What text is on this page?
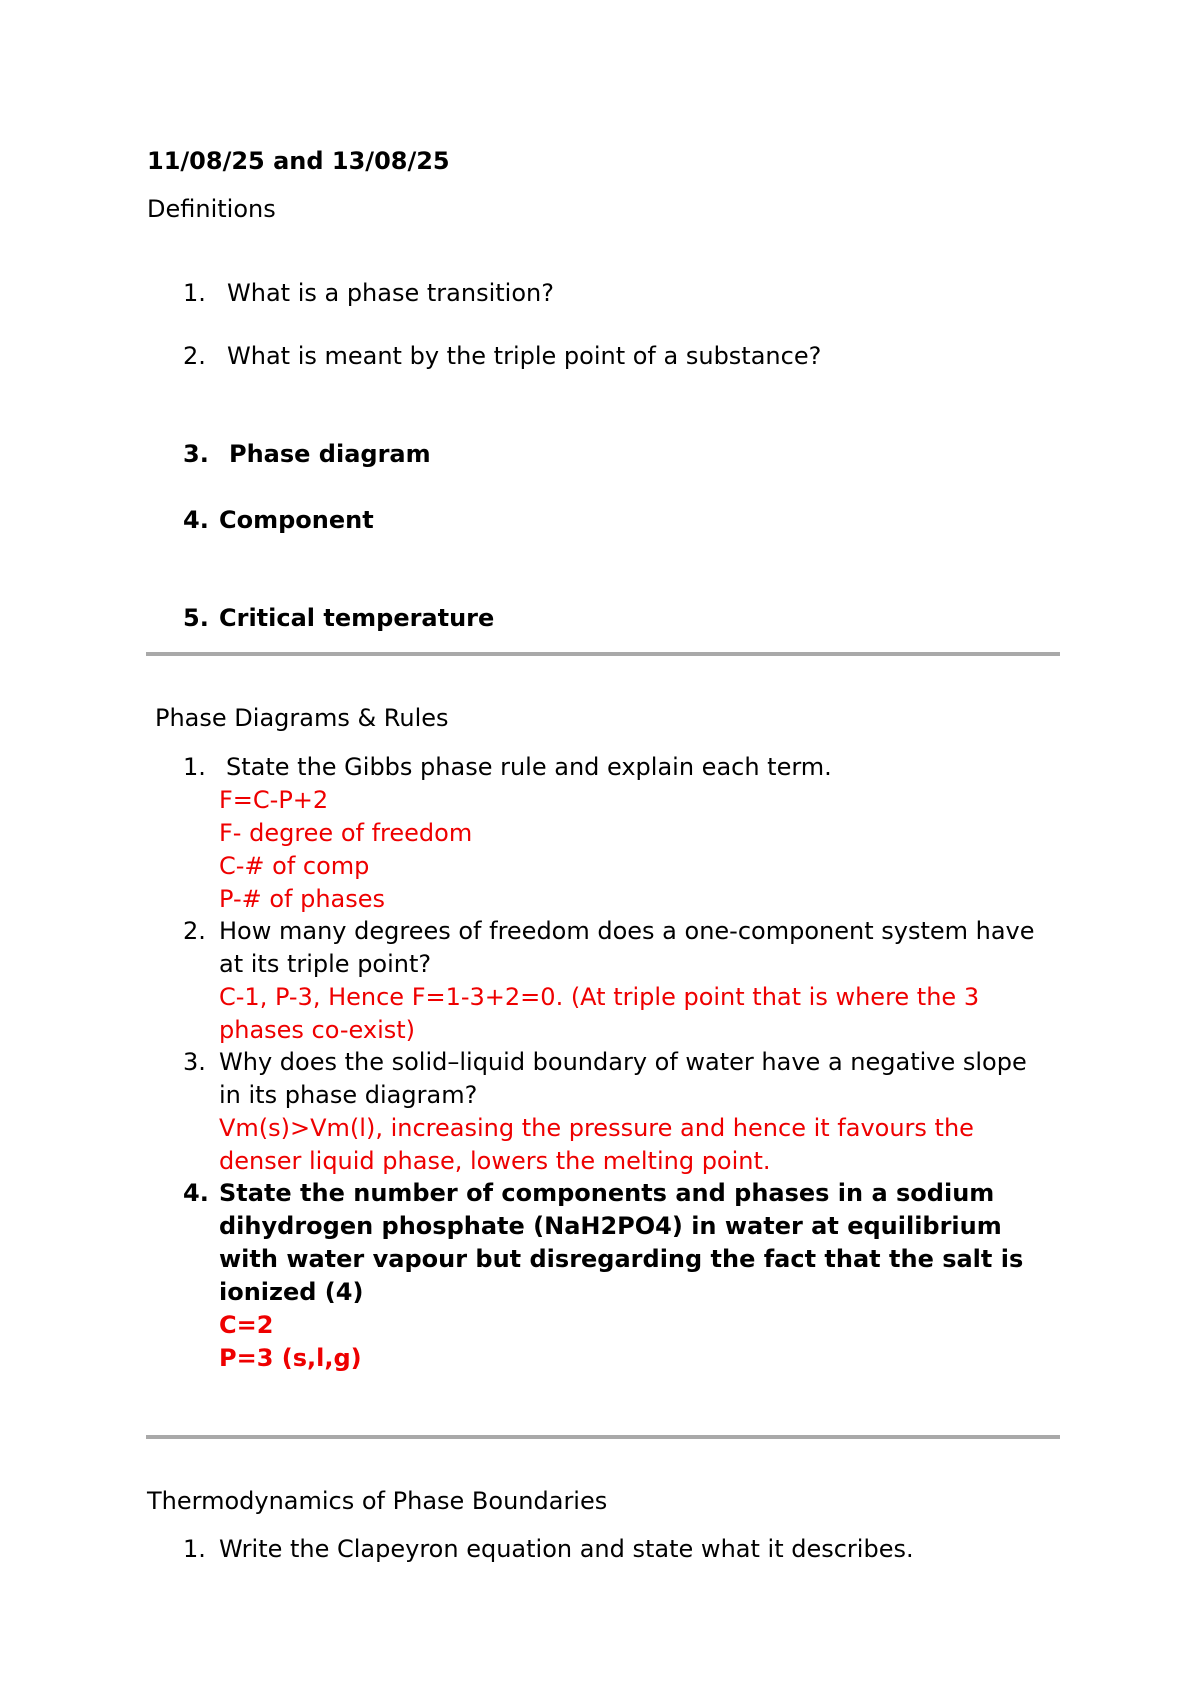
11/08/25 and 13/08/25
Definitions
1. What is a phase transition?
2. What is meant by the triple point of a substance?
3. Phase diagram
4. Component
5. Critical temperature
Phase Diagrams & Rules
1. State the Gibbs phase rule and explain each term.
F=C-P+2
F- degree of freedom
C-# of comp
P-# of phases
2. How many degrees of freedom does a one-component system have
at its triple point?
C-1, P-3, Hence F=1-3+2=0. (At triple point that is where the 3
phases co-exist)
3. Why does the solid–liquid boundary of water have a negative slope
in its phase diagram?
Vm(s)>Vm(l), increasing the pressure and hence it favours the
denser liquid phase, lowers the melting point.
4. State the number of components and phases in a sodium
dihydrogen phosphate (NaH2PO4) in water at equilibrium
with water vapour but disregarding the fact that the salt is
ionized (4)
C=2
P=3 (s,l,g)
Thermodynamics of Phase Boundaries
1. Write the Clapeyron equation and state what it describes.
